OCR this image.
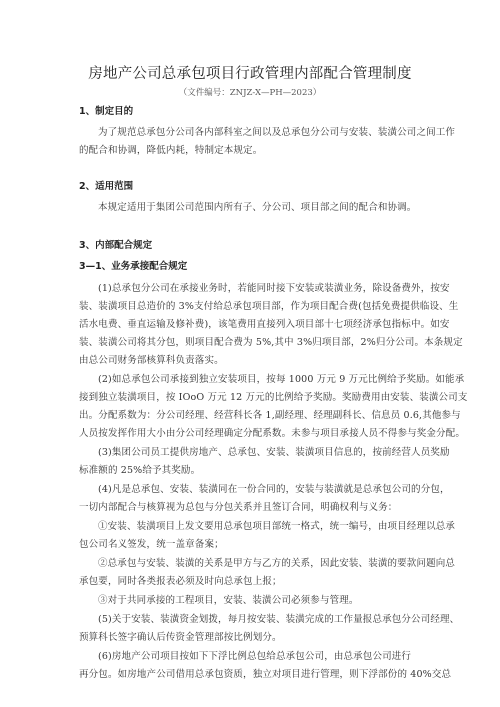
房地产公司总承包项目行政管理内部配合管理制度
（文件编号：ZNJZ-X—PH—2023）
1、制定目的
为了规范总承包分公司各内部科室之间以及总承包分公司与安装、装潢公司之间工作
的配合和协调，降低内耗，特制定本规定。
2、适用范围
本规定适用于集团公司范围内所有子、分公司、项目部之间的配合和协调。
3、内部配合规定
3—1、业务承接配合规定
(1)总承包分公司在承接业务时，若能同时接下安装或装潢业务，除设备费外，按安
装、装潢项目总造价的 3%支付给总承包项目部，作为项目配合费(包括免费提供临设、生
活水电费、垂直运输及修补费)，该笔费用直接列入项目部十七项经济承包指标中。如安
装、装潢公司将其分包，则项目配合费为 5%,其中 3%归项目部，2%归分公司。本条规定
由总公司财务部核算科负责落实。
(2)如总承包公司承接到独立安装项目，按每 1000 万元 9 万元比例给予奖励。如能承
接到独立装潢项目，按 IOoO 万元 12 万元的比例给予奖励。奖励费用由安装、装潢公司支
出。分配系数为：分公司经理、经营科长各 1,副经理、经理副科长、信息员 0.6,其他参与
人员按发挥作用大小由分公司经理确定分配系数。未参与项目承接人员不得参与奖金分配。
(3)集团公司员工提供房地产、总承包、安装、装潢项目信息的，按前经营人员奖励
标准额的 25%给予其奖励。
(4)凡是总承包、安装、装潢同在一份合同的，安装与装潢就是总承包公司的分包，
一切内部配合与核算视为总包与分包关系并且签订合同，明确权利与义务：
①安装、装潢项目上发文要用总承包项目部统一格式，统一编号，由项目经理以总承
包公司名义签发，统一盖章备案；
②总承包与安装、装潢的关系是甲方与乙方的关系，因此安装、装潢的要款问题向总
承包要，同时各类报表必须及时向总承包上报；
③对于共同承接的工程项目，安装、装潢公司必须参与管理。
(5)关于安装、装潢资金划拨，每月按安装、装潢完成的工作量报总承包分公司经理、
预算科长签字确认后传资金管理部按比例划分。
(6)房地产公司项目按如下下浮比例总包给总承包公司，由总承包公司进行
再分包。如房地产公司借用总承包资质，独立对项目进行管理，则下浮部份的 40%交总
